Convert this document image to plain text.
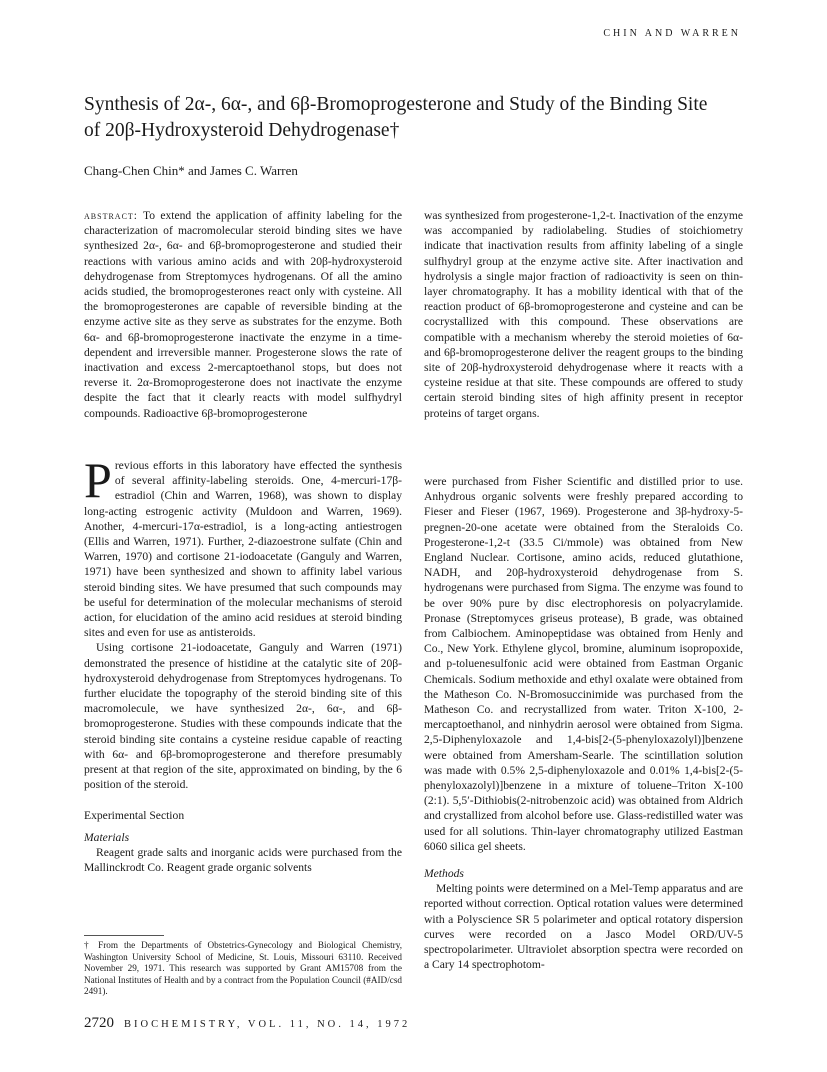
CHIN AND WARREN
Synthesis of 2α-, 6α-, and 6β-Bromoprogesterone and Study of the Binding Site of 20β-Hydroxysteroid Dehydrogenase†
Chang-Chen Chin* and James C. Warren

abstract: To extend the application of affinity labeling for the characterization of macromolecular steroid binding sites we have synthesized 2α-, 6α- and 6β-bromoprogesterone and studied their reactions with various amino acids and with 20β-hydroxysteroid dehydrogenase from Streptomyces hydrogenans. Of all the amino acids studied, the bromoprogesterones react only with cysteine. All the bromoprogesterones are capable of reversible binding at the enzyme active site as they serve as substrates for the enzyme. Both 6α- and 6β-bromoprogesterone inactivate the enzyme in a time-dependent and irreversible manner. Progesterone slows the rate of inactivation and excess 2-mercaptoethanol stops, but does not reverse it. 2α-Bromoprogesterone does not inactivate the enzyme despite the fact that it clearly reacts with model sulfhydryl compounds. Radioactive 6β-bromoprogesterone

was synthesized from progesterone-1,2-t. Inactivation of the enzyme was accompanied by radiolabeling. Studies of stoichiometry indicate that inactivation results from affinity labeling of a single sulfhydryl group at the enzyme active site. After inactivation and hydrolysis a single major fraction of radioactivity is seen on thin-layer chromatography. It has a mobility identical with that of the reaction product of 6β-bromoprogesterone and cysteine and can be cocrystallized with this compound. These observations are compatible with a mechanism whereby the steroid moieties of 6α- and 6β-bromoprogesterone deliver the reagent groups to the binding site of 20β-hydroxysteroid dehydrogenase where it reacts with a cysteine residue at that site. These compounds are offered to study certain steroid binding sites of high affinity present in receptor proteins of target organs.

Previous efforts in this laboratory have effected the synthesis of several affinity-labeling steroids. One, 4-mercuri-17β-estradiol (Chin and Warren, 1968), was shown to display long-acting estrogenic activity (Muldoon and Warren, 1969). Another, 4-mercuri-17α-estradiol, is a long-acting antiestrogen (Ellis and Warren, 1971). Further, 2-diazoestrone sulfate (Chin and Warren, 1970) and cortisone 21-iodoacetate (Ganguly and Warren, 1971) have been synthesized and shown to affinity label various steroid binding sites. We have presumed that such compounds may be useful for determination of the molecular mechanisms of steroid action, for elucidation of the amino acid residues at steroid binding sites and even for use as antisteroids.

Using cortisone 21-iodoacetate, Ganguly and Warren (1971) demonstrated the presence of histidine at the catalytic site of 20β-hydroxysteroid dehydrogenase from Streptomyces hydrogenans. To further elucidate the topography of the steroid binding site of this macromolecule, we have synthesized 2α-, 6α-, and 6β-bromoprogesterone. Studies with these compounds indicate that the steroid binding site contains a cysteine residue capable of reacting with 6α- and 6β-bromoprogesterone and therefore presumably present at that region of the site, approximated on binding, by the 6 position of the steroid.

Experimental Section
Materials

Reagent grade salts and inorganic acids were purchased from the Mallinckrodt Co. Reagent grade organic solvents

were purchased from Fisher Scientific and distilled prior to use. Anhydrous organic solvents were freshly prepared according to Fieser and Fieser (1967, 1969). Progesterone and 3β-hydroxy-5-pregnen-20-one acetate were obtained from the Steraloids Co. Progesterone-1,2-t (33.5 Ci/mmole) was obtained from New England Nuclear. Cortisone, amino acids, reduced glutathione, NADH, and 20β-hydroxysteroid dehydrogenase from S. hydrogenans were purchased from Sigma. The enzyme was found to be over 90% pure by disc electrophoresis on polyacrylamide. Pronase (Streptomyces griseus protease), B grade, was obtained from Calbiochem. Aminopeptidase was obtained from Henly and Co., New York. Ethylene glycol, bromine, aluminum isopropoxide, and p-toluenesulfonic acid were obtained from Eastman Organic Chemicals. Sodium methoxide and ethyl oxalate were obtained from the Matheson Co. N-Bromosuccinimide was purchased from the Matheson Co. and recrystallized from water. Triton X-100, 2-mercaptoethanol, and ninhydrin aerosol were obtained from Sigma. 2,5-Diphenyloxazole and 1,4-bis[2-(5-phenyloxazolyl)]benzene were obtained from Amersham-Searle. The scintillation solution was made with 0.5% 2,5-diphenyloxazole and 0.01% 1,4-bis[2-(5-phenyloxazolyl)]benzene in a mixture of toluene–Triton X-100 (2:1). 5,5′-Dithiobis(2-nitrobenzoic acid) was obtained from Aldrich and crystallized from alcohol before use. Glass-redistilled water was used for all solutions. Thin-layer chromatography utilized Eastman 6060 silica gel sheets.

Methods

Melting points were determined on a Mel-Temp apparatus and are reported without correction. Optical rotation values were determined with a Polyscience SR 5 polarimeter and optical rotatory dispersion curves were recorded on a Jasco Model ORD/UV-5 spectropolarimeter. Ultraviolet absorption spectra were recorded on a Cary 14 spectrophotom-

† From the Departments of Obstetrics-Gynecology and Biological Chemistry, Washington University School of Medicine, St. Louis, Missouri 63110. Received November 29, 1971. This research was supported by Grant AM15708 from the National Institutes of Health and by a contract from the Population Council (#AID/csd 2491).
2720 BIOCHEMISTRY, VOL. 11, NO. 14, 1972
